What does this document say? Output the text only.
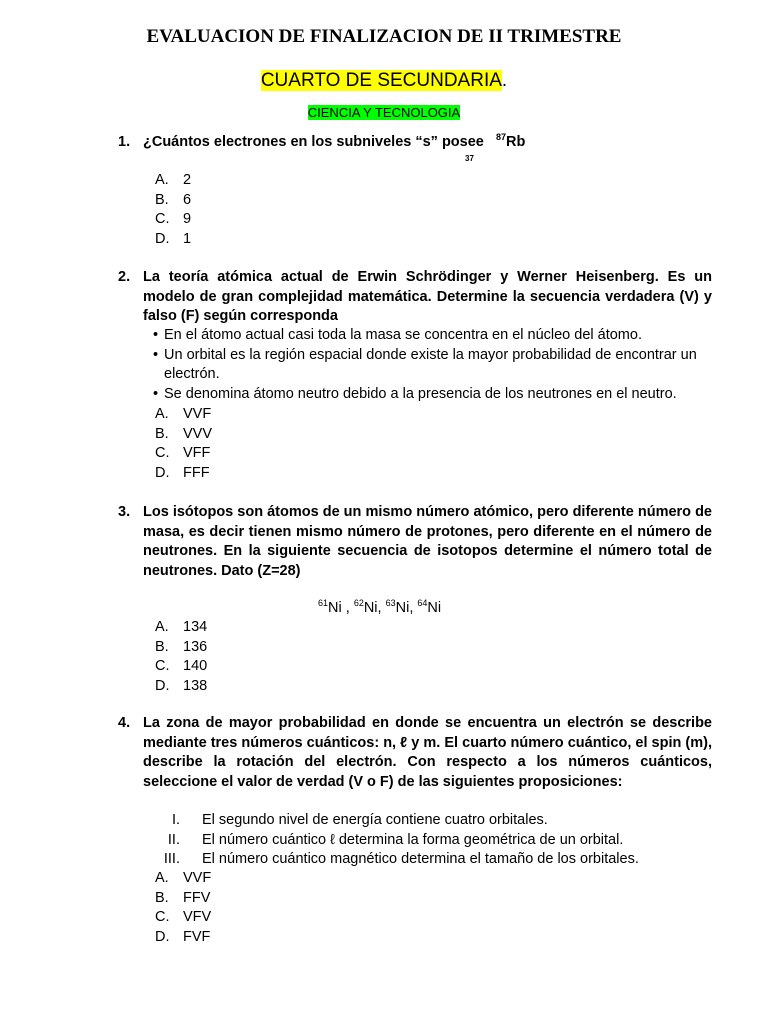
EVALUACION DE FINALIZACION DE II TRIMESTRE
CUARTO DE SECUNDARIA.
CIENCIA Y TECNOLOGIA
1. ¿Cuántos electrones en los subniveles “s” posee $^{87}$Rb
37
A. 2
B. 6
C. 9
D. 1
2. La teoría atómica actual de Erwin Schrödinger y Werner Heisenberg. Es un modelo de gran complejidad matemática. Determine la secuencia verdadera (V) y falso (F) según corresponda
• En el átomo actual casi toda la masa se concentra en el núcleo del átomo.
• Un orbital es la región espacial donde existe la mayor probabilidad de encontrar un electrón.
• Se denomina átomo neutro debido a la presencia de los neutrones en el neutro.
A. VVF
B. VVV
C. VFF
D. FFF
3. Los isótopos son átomos de un mismo número atómico, pero diferente número de masa, es decir tienen mismo número de protones, pero diferente en el número de neutrones. En la siguiente secuencia de isotopos determine el número total de neutrones. Dato (Z=28)
$^{61}$Ni , $^{62}$Ni, $^{63}$Ni, $^{64}$Ni
A. 134
B. 136
C. 140
D. 138
4. La zona de mayor probabilidad en donde se encuentra un electrón se describe mediante tres números cuánticos: n, ℓ y m. El cuarto número cuántico, el spin (m), describe la rotación del electrón. Con respecto a los números cuánticos, seleccione el valor de verdad (V o F) de las siguientes proposiciones:
I. El segundo nivel de energía contiene cuatro orbitales.
II. El número cuántico ℓ determina la forma geométrica de un orbital.
III. El número cuántico magnético determina el tamaño de los orbitales.
A. VVF
B. FFV
C. VFV
D. FVF
